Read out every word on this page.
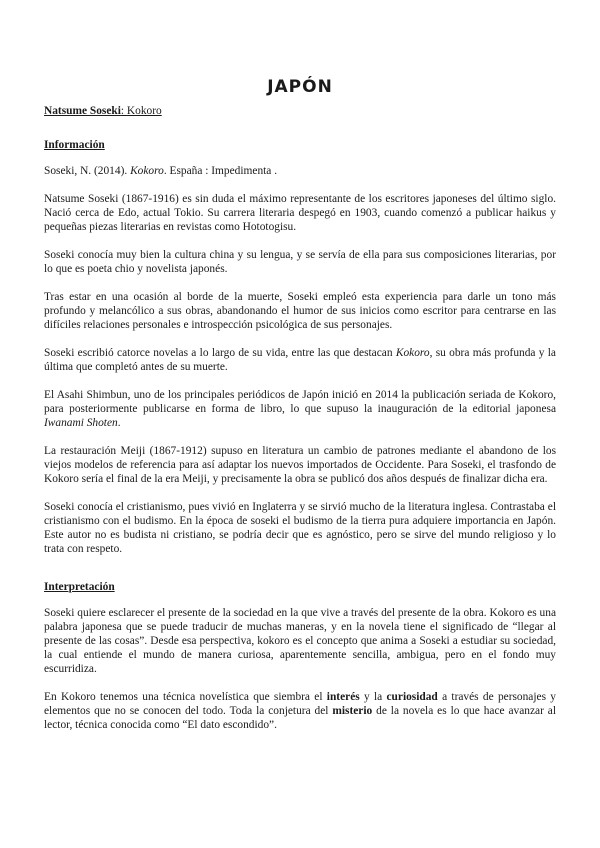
JAPÓN
Natsume Soseki: Kokoro
Información
Soseki, N. (2014). Kokoro. España : Impedimenta .

Natsume Soseki (1867-1916) es sin duda el máximo representante de los escritores japoneses del último siglo. Nació cerca de Edo, actual Tokio. Su carrera literaria despegó en 1903, cuando comenzó a publicar haikus y pequeñas piezas literarias en revistas como Hototogisu.

Soseki conocía muy bien la cultura china y su lengua, y se servía de ella para sus composiciones literarias, por lo que es poeta chio y novelista japonés.

Tras estar en una ocasión al borde de la muerte, Soseki empleó esta experiencia para darle un tono más profundo y melancólico a sus obras, abandonando el humor de sus inicios como escritor para centrarse en las difíciles relaciones personales e introspección psicológica de sus personajes.

Soseki escribió catorce novelas a lo largo de su vida, entre las que destacan Kokoro, su obra más profunda y la última que completó antes de su muerte.

El Asahi Shimbun, uno de los principales periódicos de Japón inició en 2014 la publicación seriada de Kokoro, para posteriormente publicarse en forma de libro, lo que supuso la inauguración de la editorial japonesa Iwanami Shoten.

La restauración Meiji (1867-1912) supuso en literatura un cambio de patrones mediante el abandono de los viejos modelos de referencia para así adaptar los nuevos importados de Occidente. Para Soseki, el trasfondo de Kokoro sería el final de la era Meiji, y precisamente la obra se publicó dos años después de finalizar dicha era.

Soseki conocía el cristianismo, pues vivió en Inglaterra y se sirvió mucho de la literatura inglesa. Contrastaba el cristianismo con el budismo. En la época de soseki el budismo de la tierra pura adquiere importancia en Japón. Este autor no es budista ni cristiano, se podría decir que es agnóstico, pero se sirve del mundo religioso y lo trata con respeto.

Interpretación

Soseki quiere esclarecer el presente de la sociedad en la que vive a través del presente de la obra. Kokoro es una palabra japonesa que se puede traducir de muchas maneras, y en la novela tiene el significado de “llegar al presente de las cosas”. Desde esa perspectiva, kokoro es el concepto que anima a Soseki a estudiar su sociedad, la cual entiende el mundo de manera curiosa, aparentemente sencilla, ambigua, pero en el fondo muy escurridiza.

En Kokoro tenemos una técnica novelística que siembra el interés y la curiosidad a través de personajes y elementos que no se conocen del todo. Toda la conjetura del misterio de la novela es lo que hace avanzar al lector, técnica conocida como “El dato escondido”.
